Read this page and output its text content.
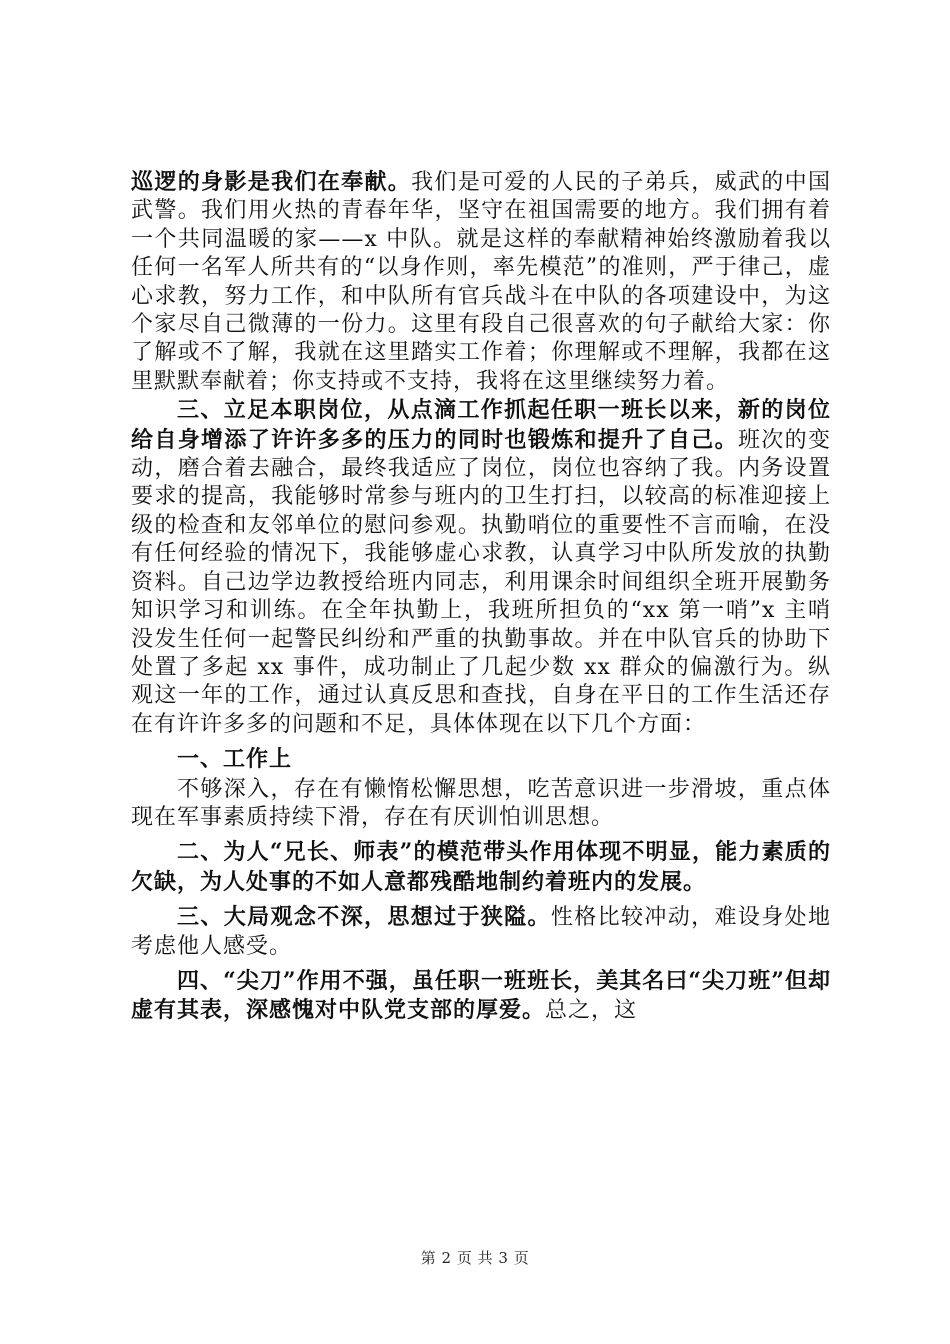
巡逻的身影是我们在奉献。我们是可爱的人民的子弟兵，威武的中国武警。我们用火热的青春年华，坚守在祖国需要的地方。我们拥有着一个共同温暖的家——x 中队。就是这样的奉献精神始终激励着我以任何一名军人所共有的“以身作则，率先模范”的准则，严于律己，虚心求教，努力工作，和中队所有官兵战斗在中队的各项建设中，为这个家尽自己微薄的一份力。这里有段自己很喜欢的句子献给大家：你了解或不了解，我就在这里踏实工作着；你理解或不理解，我都在这里默默奉献着；你支持或不支持，我将在这里继续努力着。

三、立足本职岗位，从点滴工作抓起任职一班长以来，新的岗位给自身增添了许许多多的压力的同时也锻炼和提升了自己。班次的变动，磨合着去融合，最终我适应了岗位，岗位也容纳了我。内务设置要求的提高，我能够时常参与班内的卫生打扫，以较高的标准迎接上级的检查和友邻单位的慰问参观。执勤哨位的重要性不言而喻，在没有任何经验的情况下，我能够虚心求教，认真学习中队所发放的执勤资料。自己边学边教授给班内同志，利用课余时间组织全班开展勤务知识学习和训练。在全年执勤上，我班所担负的“xx 第一哨”x 主哨没发生任何一起警民纠纷和严重的执勤事故。并在中队官兵的协助下处置了多起 xx 事件，成功制止了几起少数 xx 群众的偏激行为。纵观这一年的工作，通过认真反思和查找，自身在平日的工作生活还存在有许许多多的问题和不足，具体体现在以下几个方面：

一、工作上

不够深入，存在有懒惰松懈思想，吃苦意识进一步滑坡，重点体现在军事素质持续下滑，存在有厌训怕训思想。

二、为人“兄长、师表”的模范带头作用体现不明显，能力素质的欠缺，为人处事的不如人意都残酷地制约着班内的发展。

三、大局观念不深，思想过于狭隘。性格比较冲动，难设身处地考虑他人感受。

四、“尖刀”作用不强，虽任职一班班长，美其名曰“尖刀班”但却虚有其表，深感愧对中队党支部的厚爱。总之，这

第 2 页 共 3 页
